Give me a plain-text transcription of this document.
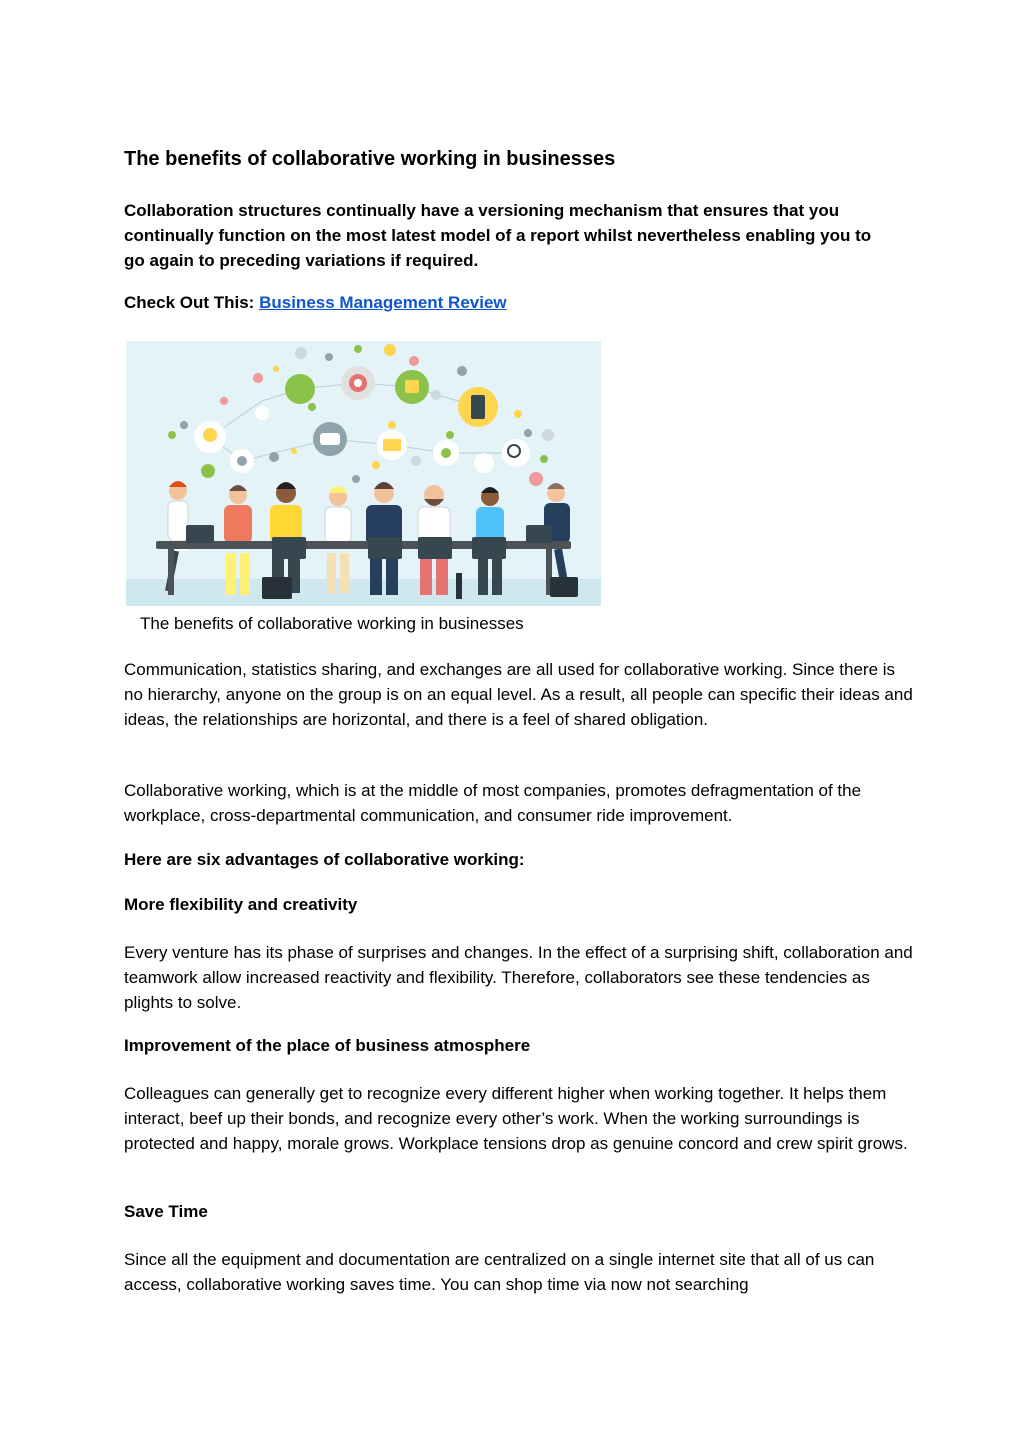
The benefits of collaborative working in businesses
Collaboration structures continually have a versioning mechanism that ensures that you continually function on the most latest model of a report whilst nevertheless enabling you to go again to preceding variations if required.
Check Out This: Business Management Review
The benefits of collaborative working in businesses
Communication, statistics sharing, and exchanges are all used for collaborative working. Since there is no hierarchy, anyone on the group is on an equal level. As a result, all people can specific their ideas and ideas, the relationships are horizontal, and there is a feel of shared obligation.
Collaborative working, which is at the middle of most companies, promotes defragmentation of the workplace, cross-departmental communication, and consumer ride improvement.
Here are six advantages of collaborative working:
More flexibility and creativity
Every venture has its phase of surprises and changes. In the effect of a surprising shift, collaboration and teamwork allow increased reactivity and flexibility. Therefore, collaborators see these tendencies as plights to solve.
Improvement of the place of business atmosphere
Colleagues can generally get to recognize every different higher when working together. It helps them interact, beef up their bonds, and recognize every other’s work. When the working surroundings is protected and happy, morale grows. Workplace tensions drop as genuine concord and crew spirit grows.
Save Time
Since all the equipment and documentation are centralized on a single internet site that all of us can access, collaborative working saves time. You can shop time via now not searching
